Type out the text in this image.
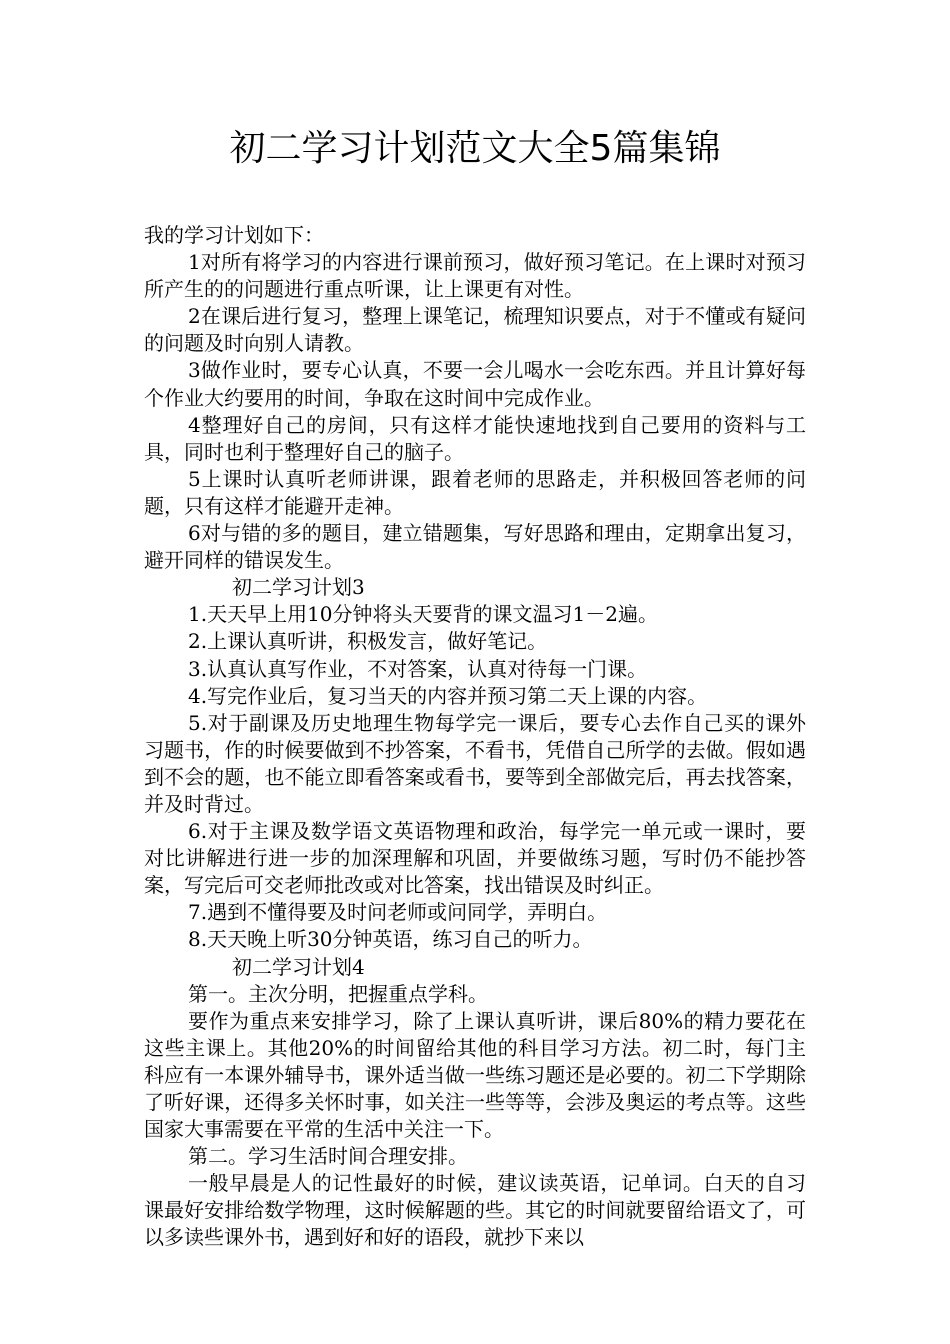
初二学习计划范文大全5篇集锦

我的学习计划如下：

1对所有将学习的内容进行课前预习，做好预习笔记。在上课时对预习所产生的的问题进行重点听课，让上课更有对性。

2在课后进行复习，整理上课笔记，梳理知识要点，对于不懂或有疑问的问题及时向别人请教。

3做作业时，要专心认真，不要一会儿喝水一会吃东西。并且计算好每个作业大约要用的时间，争取在这时间中完成作业。

4整理好自己的房间，只有这样才能快速地找到自己要用的资料与工具，同时也利于整理好自己的脑子。

5上课时认真听老师讲课，跟着老师的思路走，并积极回答老师的问题，只有这样才能避开走神。

6对与错的多的题目，建立错题集，写好思路和理由，定期拿出复习，避开同样的错误发生。

初二学习计划3

1.天天早上用10分钟将头天要背的课文温习1－2遍。

2.上课认真听讲，积极发言，做好笔记。

3.认真认真写作业，不对答案，认真对待每一门课。

4.写完作业后，复习当天的内容并预习第二天上课的内容。

5.对于副课及历史地理生物每学完一课后，要专心去作自己买的课外习题书，作的时候要做到不抄答案，不看书，凭借自己所学的去做。假如遇到不会的题，也不能立即看答案或看书，要等到全部做完后，再去找答案，并及时背过。

6.对于主课及数学语文英语物理和政治，每学完一单元或一课时，要对比讲解进行进一步的加深理解和巩固，并要做练习题，写时仍不能抄答案，写完后可交老师批改或对比答案，找出错误及时纠正。

7.遇到不懂得要及时问老师或问同学，弄明白。

8.天天晚上听30分钟英语，练习自己的听力。

初二学习计划4

第一。主次分明，把握重点学科。

要作为重点来安排学习，除了上课认真听讲，课后80%的精力要花在这些主课上。其他20%的时间留给其他的科目学习方法。初二时，每门主科应有一本课外辅导书，课外适当做一些练习题还是必要的。初二下学期除了听好课，还得多关怀时事，如关注一些等等，会涉及奥运的考点等。这些国家大事需要在平常的生活中关注一下。

第二。学习生活时间合理安排。

一般早晨是人的记性最好的时候，建议读英语，记单词。白天的自习课最好安排给数学物理，这时候解题的些。其它的时间就要留给语文了，可以多读些课外书，遇到好和好的语段，就抄下来以
